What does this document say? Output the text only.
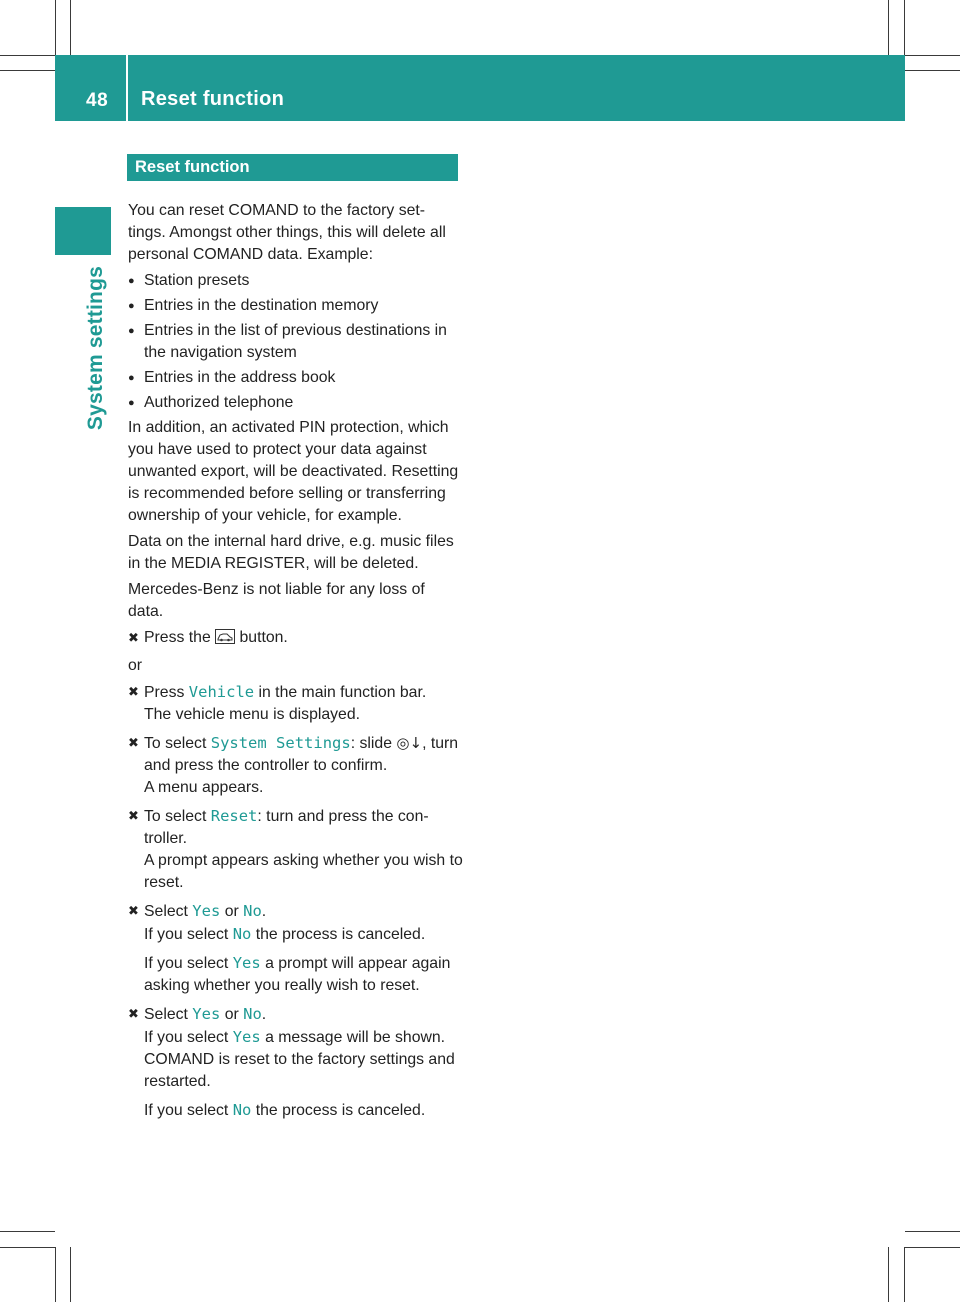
48 Reset function
System settings
Reset function

You can reset COMAND to the factory set- tings. Amongst other things, this will delete all personal COMAND data. Example:

● Station presets
● Entries in the destination memory
● Entries in the list of previous destinations in the navigation system
● Entries in the address book
● Authorized telephone

In addition, an activated PIN protection, which you have used to protect your data against unwanted export, will be deactivated. Resetting is recommended before selling or transferring ownership of your vehicle, for example.

Data on the internal hard drive, e.g. music files in the MEDIA REGISTER, will be deleted.

Mercedes-Benz is not liable for any loss of data.

✖ Press the button.

or

✖ Press Vehicle in the main function bar.
The vehicle menu is displayed.
✖ To select System Settings: slide ◎↓, turn and press the controller to confirm.
A menu appears.
✖ To select Reset: turn and press the con- troller.
A prompt appears asking whether you wish to reset.
✖ Select Yes or No.
If you select No the process is canceled.

If you select Yes a prompt will appear again asking whether you really wish to reset.

✖ Select Yes or No.
If you select Yes a message will be shown. COMAND is reset to the factory settings and restarted.

If you select No the process is canceled.
